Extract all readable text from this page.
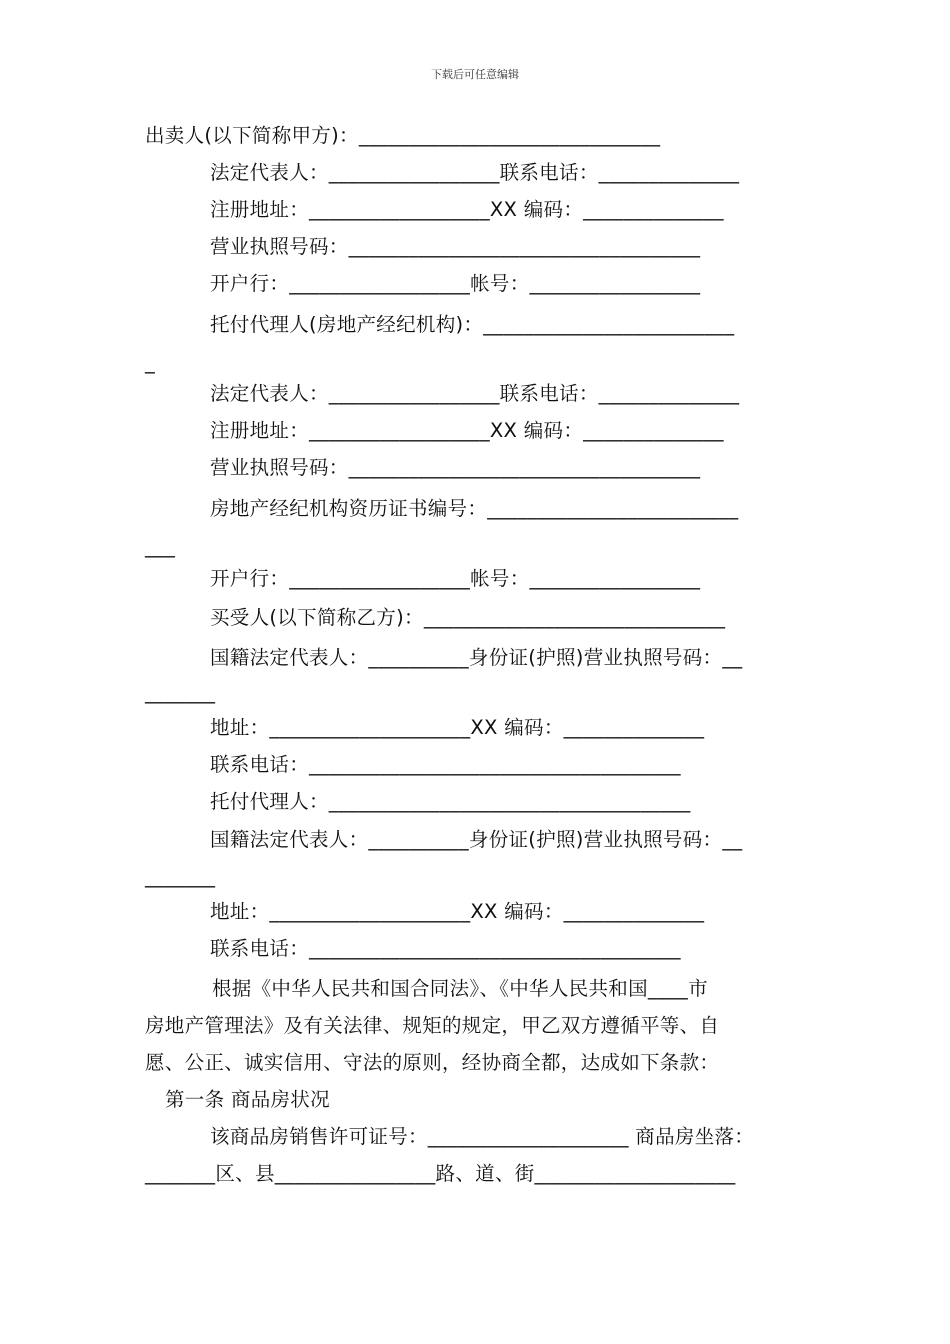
下载后可任意编辑
出卖人(以下简称甲方)：______________________________
法定代表人：_________________联系电话：______________
注册地址：__________________XX 编码：______________
营业执照号码：___________________________________
开户行：__________________帐号：_________________
托付代理人(房地产经纪机构)：_________________________
_
法定代表人：_________________联系电话：______________
注册地址：__________________XX 编码：______________
营业执照号码：___________________________________
房地产经纪机构资历证书编号：_________________________
___
开户行：__________________帐号：_________________
买受人(以下简称乙方)：______________________________
国籍法定代表人：__________身份证(护照)营业执照号码：__
_______
地址：____________________XX 编码：______________
联系电话：_____________________________________
托付代理人：____________________________________
国籍法定代表人：__________身份证(护照)营业执照号码：__
_______
地址：____________________XX 编码：______________
联系电话：_____________________________________
根据《中华人民共和国合同法》、《中华人民共和国____市
房地产管理法》及有关法律、规矩的规定，甲乙双方遵循平等、自
愿、公正、诚实信用、守法的原则，经协商全都，达成如下条款：
第一条 商品房状况
该商品房销售许可证号：____________________ 商品房坐落：
_______区、县________________路、道、街____________________
